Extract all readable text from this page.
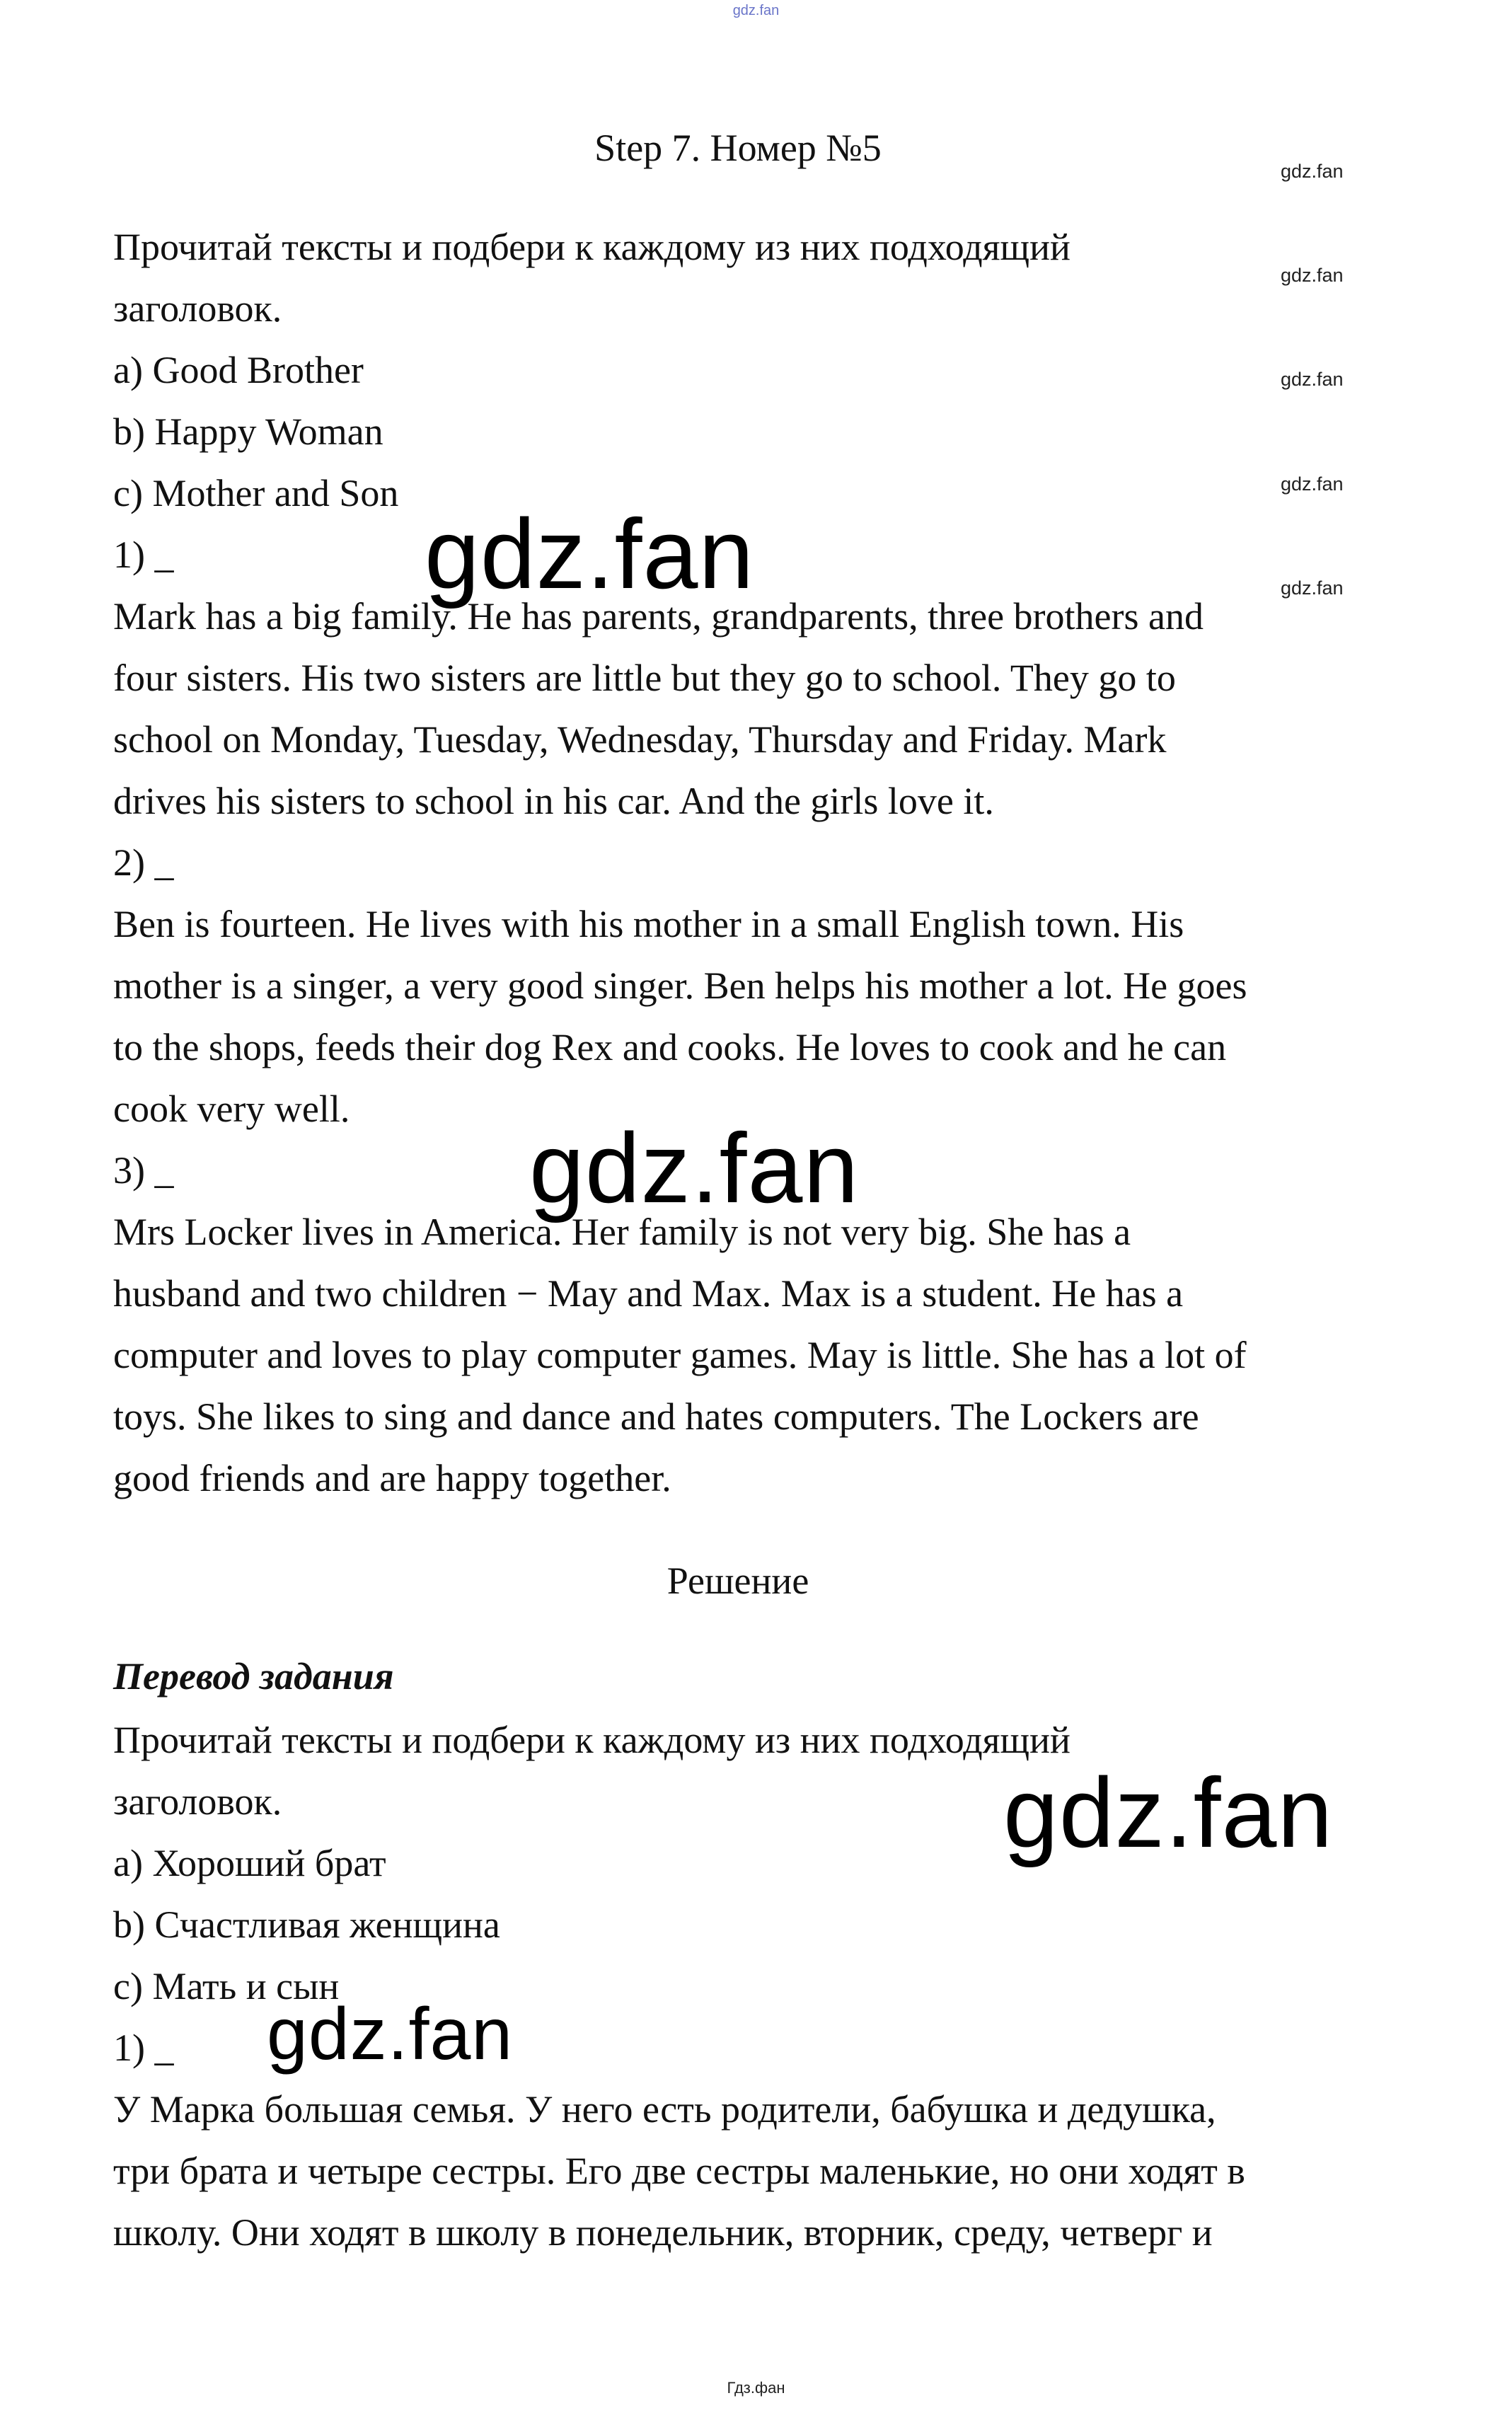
gdz.fan
gdz.fan
gdz.fan
gdz.fan
gdz.fan
gdz.fan
Step 7. Номер №5
Прочитай тексты и подбери к каждому из них подходящий
заголовок.
a) Good Brother
b) Happy Woman
c) Mother and Son
1) _
Mark has a big family. He has parents, grandparents, three brothers and
four sisters. His two sisters are little but they go to school. They go to
school on Monday, Tuesday, Wednesday, Thursday and Friday. Mark
drives his sisters to school in his car. And the girls love it.
2) _
Ben is fourteen. He lives with his mother in a small English town. His
mother is a singer, a very good singer. Ben helps his mother a lot. He goes
to the shops, feeds their dog Rex and cooks. He loves to cook and he can
cook very well.
3) _
Mrs Locker lives in America. Her family is not very big. She has a
husband and two children − May and Max. Max is a student. He has a
computer and loves to play computer games. May is little. She has a lot of
toys. She likes to sing and dance and hates computers. The Lockers are
good friends and are happy together.
Решение
Перевод задания
Прочитай тексты и подбери к каждому из них подходящий
заголовок.
a) Хороший брат
b) Счастливая женщина
c) Мать и сын
1) _
У Марка большая семья. У него есть родители, бабушка и дедушка,
три брата и четыре сестры. Его две сестры маленькие, но они ходят в
школу. Они ходят в школу в понедельник, вторник, среду, четверг и
gdz.fan
gdz.fan
gdz.fan
gdz.fan
Гдз.фан
